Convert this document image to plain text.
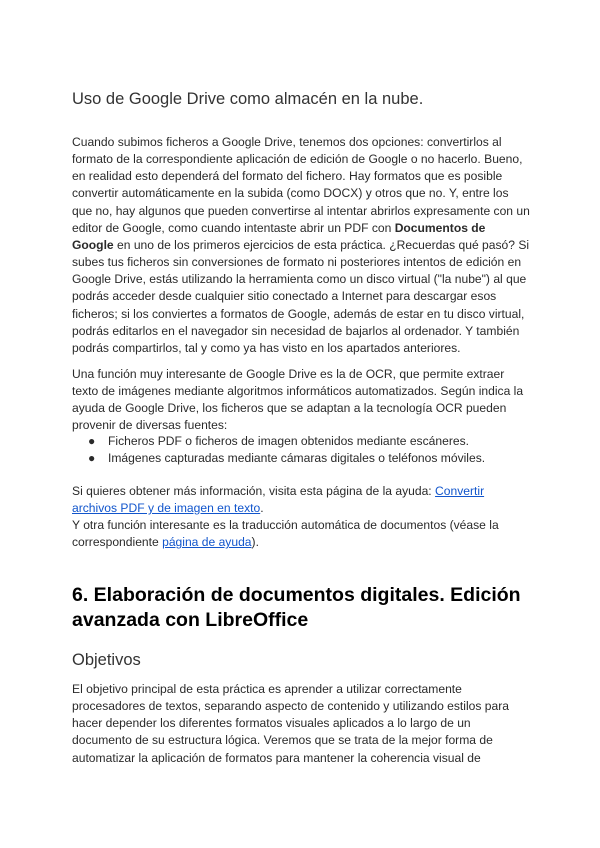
Uso de Google Drive como almacén en la nube.

Cuando subimos ficheros a Google Drive, tenemos dos opciones: convertirlos al formato de la correspondiente aplicación de edición de Google o no hacerlo. Bueno, en realidad esto dependerá del formato del fichero. Hay formatos que es posible convertir automáticamente en la subida (como DOCX) y otros que no. Y, entre los que no, hay algunos que pueden convertirse al intentar abrirlos expresamente con un editor de Google, como cuando intentaste abrir un PDF con Documentos de Google en uno de los primeros ejercicios de esta práctica. ¿Recuerdas qué pasó? Si subes tus ficheros sin conversiones de formato ni posteriores intentos de edición en Google Drive, estás utilizando la herramienta como un disco virtual ("la nube") al que podrás acceder desde cualquier sitio conectado a Internet para descargar esos ficheros; si los conviertes a formatos de Google, además de estar en tu disco virtual, podrás editarlos en el navegador sin necesidad de bajarlos al ordenador. Y también podrás compartirlos, tal y como ya has visto en los apartados anteriores.

Una función muy interesante de Google Drive es la de OCR, que permite extraer texto de imágenes mediante algoritmos informáticos automatizados. Según indica la ayuda de Google Drive, los ficheros que se adaptan a la tecnología OCR pueden provenir de diversas fuentes:

● Ficheros PDF o ficheros de imagen obtenidos mediante escáneres.
● Imágenes capturadas mediante cámaras digitales o teléfonos móviles.

Si quieres obtener más información, visita esta página de la ayuda: Convertir archivos PDF y de imagen en texto.
Y otra función interesante es la traducción automática de documentos (véase la correspondiente página de ayuda).

6. Elaboración de documentos digitales. Edición avanzada con LibreOffice
Objetivos

El objetivo principal de esta práctica es aprender a utilizar correctamente procesadores de textos, separando aspecto de contenido y utilizando estilos para hacer depender los diferentes formatos visuales aplicados a lo largo de un documento de su estructura lógica. Veremos que se trata de la mejor forma de automatizar la aplicación de formatos para mantener la coherencia visual de
